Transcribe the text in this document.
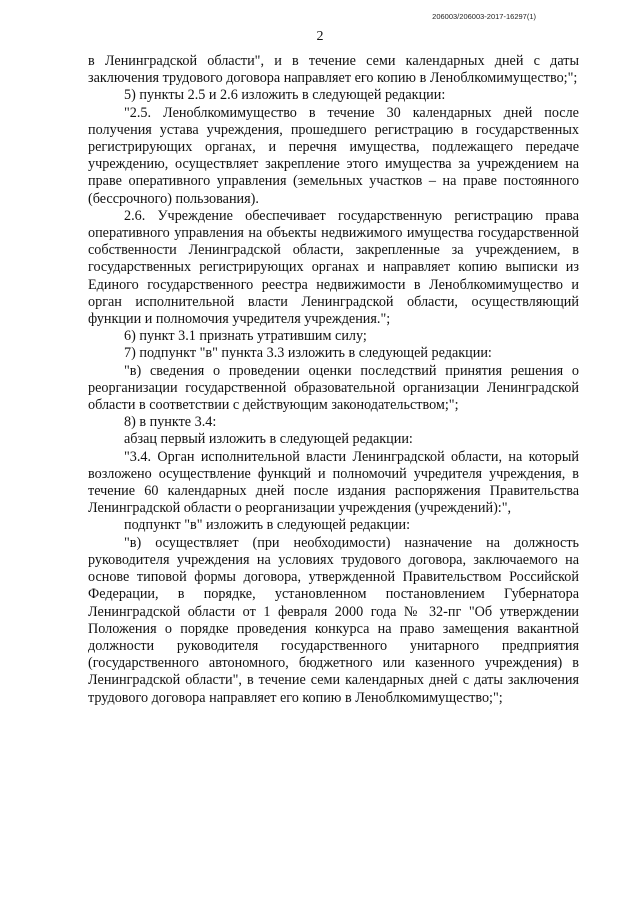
206003/206003-2017-16297(1)
2

в Ленинградской области", и в течение семи календарных дней с даты заключения трудового договора направляет его копию в Леноблкомимущество;";

5) пункты 2.5 и 2.6 изложить в следующей редакции:

"2.5. Леноблкомимущество в течение 30 календарных дней после получения устава учреждения, прошедшего регистрацию в государственных регистрирующих органах, и перечня имущества, подлежащего передаче учреждению, осуществляет закрепление этого имущества за учреждением на праве оперативного управления (земельных участков – на праве постоянного (бессрочного) пользования).

2.6. Учреждение обеспечивает государственную регистрацию права оперативного управления на объекты недвижимого имущества государственной собственности Ленинградской области, закрепленные за учреждением, в государственных регистрирующих органах и направляет копию выписки из Единого государственного реестра недвижимости в Леноблкомимущество и орган исполнительной власти Ленинградской области, осуществляющий функции и полномочия учредителя учреждения.";

6) пункт 3.1 признать утратившим силу;

7) подпункт "в" пункта 3.3 изложить в следующей редакции:

"в) сведения о проведении оценки последствий принятия решения о реорганизации государственной образовательной организации Ленинградской области в соответствии с действующим законодательством;";

8) в пункте 3.4:

абзац первый изложить в следующей редакции:

"3.4. Орган исполнительной власти Ленинградской области, на который возложено осуществление функций и полномочий учредителя учреждения, в течение 60 календарных дней после издания распоряжения Правительства Ленинградской области о реорганизации учреждения (учреждений):",

подпункт "в" изложить в следующей редакции:

"в) осуществляет (при необходимости) назначение на должность руководителя учреждения на условиях трудового договора, заключаемого на основе типовой формы договора, утвержденной Правительством Российской Федерации, в порядке, установленном постановлением Губернатора Ленинградской области от 1 февраля 2000 года № 32-пг "Об утверждении Положения о порядке проведения конкурса на право замещения вакантной должности руководителя государственного унитарного предприятия (государственного автономного, бюджетного или казенного учреждения) в Ленинградской области", в течение семи календарных дней с даты заключения трудового договора направляет его копию в Леноблкомимущество;";
